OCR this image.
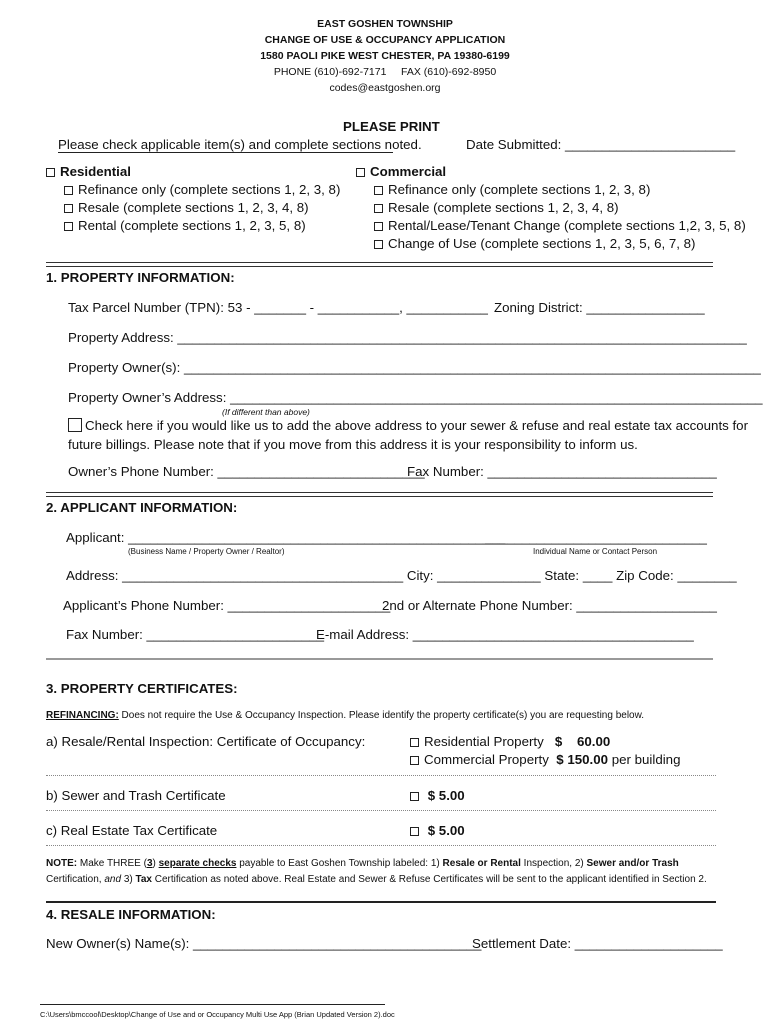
EAST GOSHEN TOWNSHIP
CHANGE OF USE & OCCUPANCY APPLICATION
1580 PAOLI PIKE WEST CHESTER, PA 19380-6199
PHONE (610)-692-7171     FAX (610)-692-8950
codes@eastgoshen.org
PLEASE PRINT
Please check applicable item(s) and complete sections noted.	Date Submitted: _______________________
Residential
Refinance only (complete sections 1, 2, 3, 8)
Resale (complete sections 1, 2, 3, 4, 8)
Rental (complete sections 1, 2, 3, 5, 8)
Commercial
Refinance only (complete sections 1, 2, 3, 8)
Resale (complete sections 1, 2, 3, 4, 8)
Rental/Lease/Tenant Change (complete sections 1,2, 3, 5, 8)
Change of Use (complete sections 1, 2, 3, 5, 6, 7, 8)
1. PROPERTY INFORMATION:
Tax Parcel Number (TPN): 53 - _______ - ___________, ___________ Zoning District: ________________
Property Address: _____________________________________________________________________________
Property Owner(s): ______________________________________________________________________________
Property Owner’s Address: ________________________________________________________________________
(If different than above)
Check here if you would like us to add the above address to your sewer & refuse and real estate tax accounts for
future billings. Please note that if you move from this address it is your responsibility to inform us.
Owner’s Phone Number: ____________________________
Fax Number: _______________________________
2. APPLICANT INFORMATION:
Applicant: ___________________________________________________
______________________________
(Business Name / Property Owner / Realtor)	Individual Name or Contact Person
Address: ______________________________________ City: ______________ State: ____ Zip Code: ________
Applicant’s Phone Number: ______________________
2nd or Alternate Phone Number: ___________________
Fax Number: ________________________
E-mail Address: ______________________________________
3. PROPERTY CERTIFICATES:
REFINANCING: Does not require the Use & Occupancy Inspection. Please identify the property certificate(s) you are requesting below.
a) Resale/Rental Inspection: Certificate of Occupancy:	Residential Property $    60.00
Commercial Property $ 150.00 per building
b) Sewer and Trash Certificate	$ 5.00
c) Real Estate Tax Certificate	$ 5.00
NOTE: Make THREE (3) separate checks payable to East Goshen Township labeled: 1) Resale or Rental Inspection, 2) Sewer and/or Trash
Certification, and 3) Tax Certification as noted above. Real Estate and Sewer & Refuse Certificates will be sent to the applicant identified in Section 2.
4. RESALE INFORMATION:
New Owner(s) Name(s): _______________________________________
Settlement Date: ____________________
C:\Users\bmccool\Desktop\Change of Use and or Occupancy Multi Use App (Brian Updated Version 2).doc
